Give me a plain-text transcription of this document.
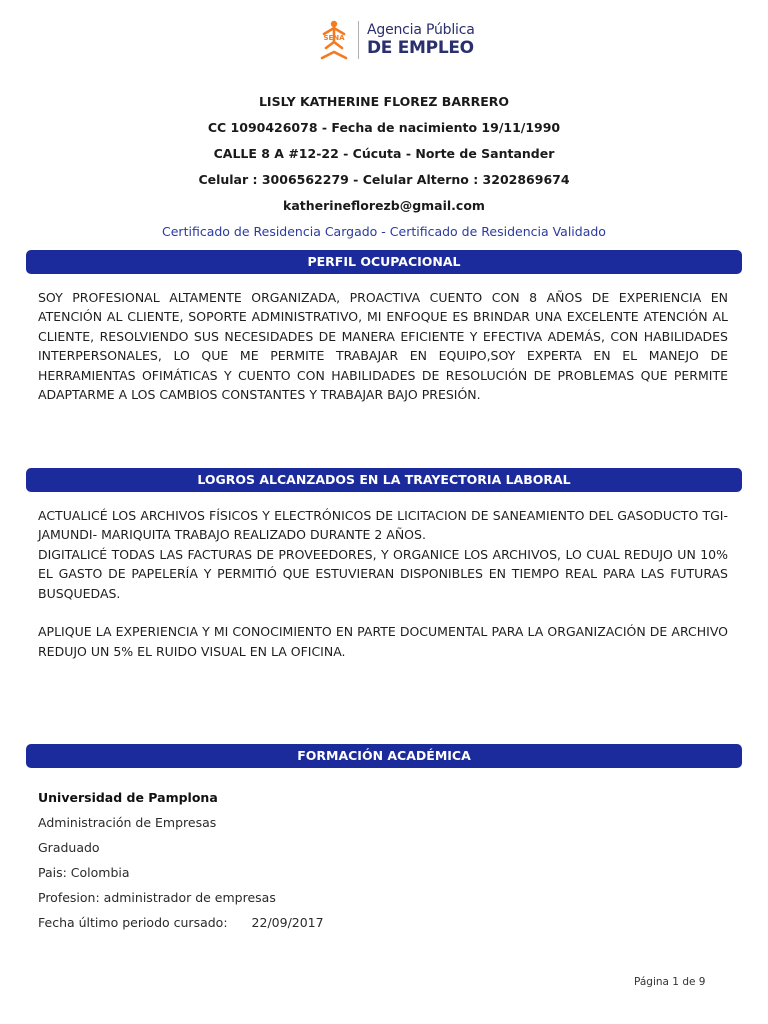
SENA Agencia Pública
DE EMPLEO
LISLY KATHERINE FLOREZ BARRERO
CC 1090426078 - Fecha de nacimiento 19/11/1990
CALLE 8 A #12-22 - Cúcuta - Norte de Santander
Celular : 3006562279 - Celular Alterno : 3202869674
katherineflorezb@gmail.com
Certificado de Residencia Cargado - Certificado de Residencia Validado
PERFIL OCUPACIONAL

SOY PROFESIONAL ALTAMENTE ORGANIZADA, PROACTIVA CUENTO CON 8 AÑOS DE EXPERIENCIA EN ATENCIÓN AL CLIENTE, SOPORTE ADMINISTRATIVO, MI ENFOQUE ES BRINDAR UNA EXCELENTE ATENCIÓN AL CLIENTE, RESOLVIENDO SUS NECESIDADES DE MANERA EFICIENTE Y EFECTIVA ADEMÁS, CON HABILIDADES INTERPERSONALES, LO QUE ME PERMITE TRABAJAR EN EQUIPO,SOY EXPERTA EN EL MANEJO DE HERRAMIENTAS OFIMÁTICAS Y CUENTO CON HABILIDADES DE RESOLUCIÓN DE PROBLEMAS QUE PERMITE ADAPTARME A LOS CAMBIOS CONSTANTES Y TRABAJAR BAJO PRESIÓN.

LOGROS ALCANZADOS EN LA TRAYECTORIA LABORAL

ACTUALICÉ LOS ARCHIVOS FÍSICOS Y ELECTRÓNICOS DE LICITACION DE SANEAMIENTO DEL GASODUCTO TGI-JAMUNDI- MARIQUITA TRABAJO REALIZADO DURANTE 2 AÑOS.

DIGITALICÉ TODAS LAS FACTURAS DE PROVEEDORES, Y ORGANICE LOS ARCHIVOS, LO CUAL REDUJO UN 10% EL GASTO DE PAPELERÍA Y PERMITIÓ QUE ESTUVIERAN DISPONIBLES EN TIEMPO REAL PARA LAS FUTURAS BUSQUEDAS.

APLIQUE LA EXPERIENCIA Y MI CONOCIMIENTO EN PARTE DOCUMENTAL PARA LA ORGANIZACIÓN DE ARCHIVO REDUJO UN 5% EL RUIDO VISUAL EN LA OFICINA.

FORMACIÓN ACADÉMICA
Universidad de Pamplona
Administración de Empresas
Graduado
Pais: Colombia
Profesion: administrador de empresas
Fecha último periodo cursado: 22/09/2017
Página 1 de 9
